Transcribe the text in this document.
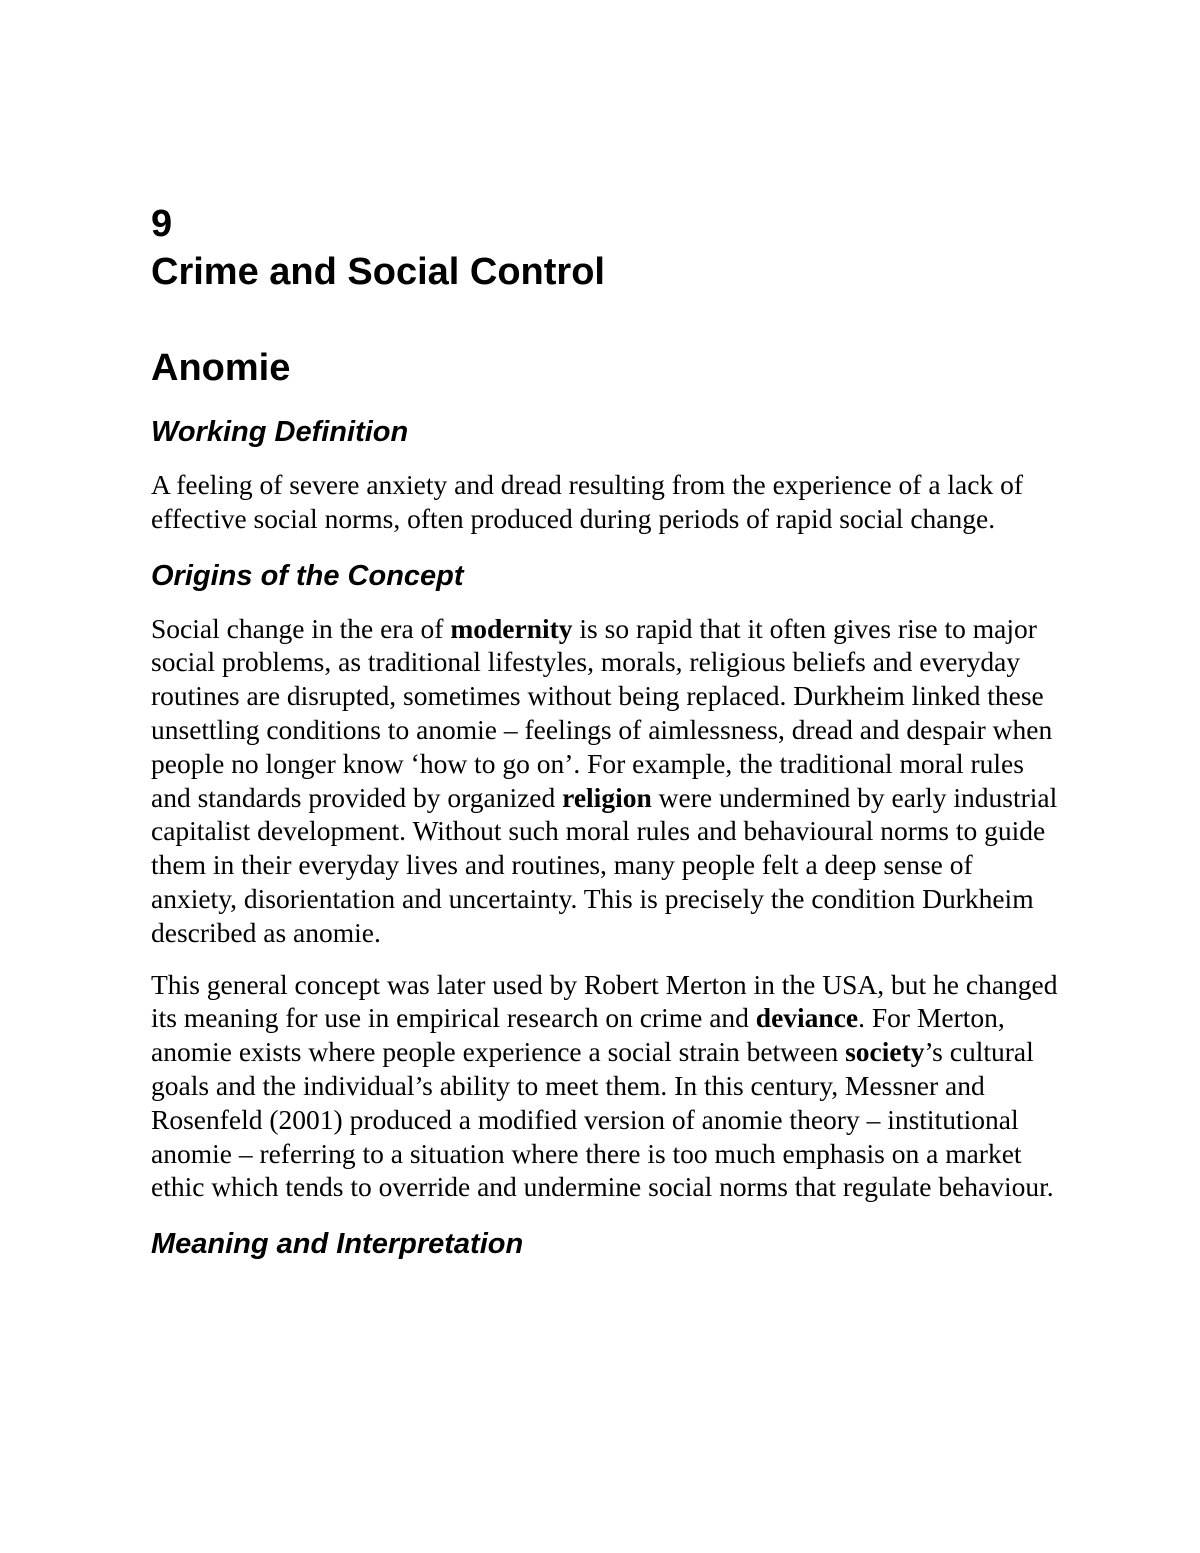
9
Crime and Social Control
Anomie
Working Definition

A feeling of severe anxiety and dread resulting from the experience of a lack of effective social norms, often produced during periods of rapid social change.

Origins of the Concept

Social change in the era of modernity is so rapid that it often gives rise to major social problems, as traditional lifestyles, morals, religious beliefs and everyday routines are disrupted, sometimes without being replaced. Durkheim linked these unsettling conditions to anomie – feelings of aimlessness, dread and despair when people no longer know ‘how to go on’. For example, the traditional moral rules and standards provided by organized religion were undermined by early industrial capitalist development. Without such moral rules and behavioural norms to guide them in their everyday lives and routines, many people felt a deep sense of anxiety, disorientation and uncertainty. This is precisely the condition Durkheim described as anomie.

This general concept was later used by Robert Merton in the USA, but he changed its meaning for use in empirical research on crime and deviance. For Merton, anomie exists where people experience a social strain between society’s cultural goals and the individual’s ability to meet them. In this century, Messner and Rosenfeld (2001) produced a modified version of anomie theory – institutional anomie – referring to a situation where there is too much emphasis on a market ethic which tends to override and undermine social norms that regulate behaviour.

Meaning and Interpretation
